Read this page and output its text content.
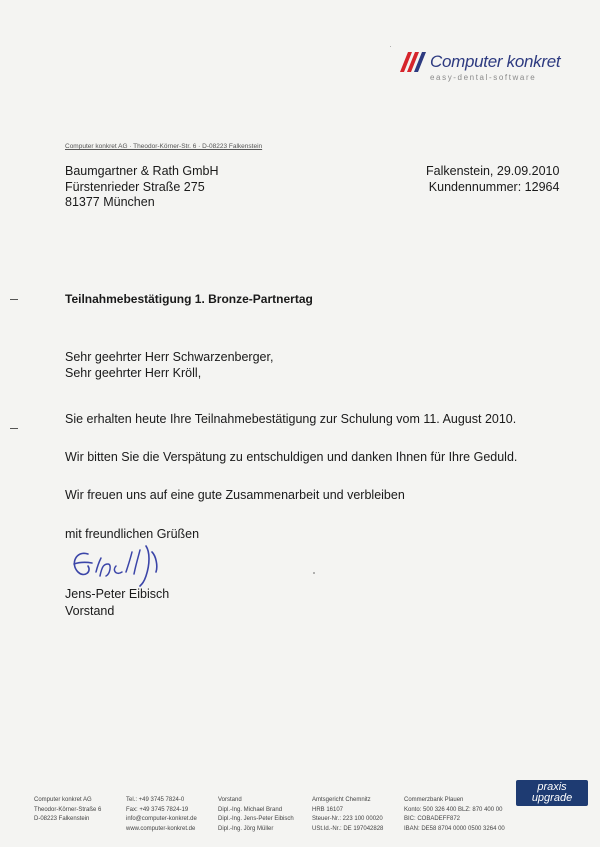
Computer konkret
easy-dental-software
Computer konkret AG · Theodor-Körner-Str. 6 · D-08223 Falkenstein
Baumgartner & Rath GmbH
Fürstenrieder Straße 275
81377 München
Falkenstein, 29.09.2010
Kundennummer: 12964
Teilnahmebestätigung 1. Bronze-Partnertag
Sehr geehrter Herr Schwarzenberger,
Sehr geehrter Herr Kröll,
Sie erhalten heute Ihre Teilnahmebestätigung zur Schulung vom 11. August 2010.
Wir bitten Sie die Verspätung zu entschuldigen und danken Ihnen für Ihre Geduld.
Wir freuen uns auf eine gute Zusammenarbeit und verbleiben
mit freundlichen Grüßen
Jens-Peter Eibisch
Vorstand
Computer konkret AG
Theodor-Körner-Straße 6
D-08223 Falkenstein
Tel.: +49 3745 7824-0
Fax: +49 3745 7824-19
info@computer-konkret.de
www.computer-konkret.de
Vorstand
Dipl.-Ing. Michael Brand
Dipl.-Ing. Jens-Peter Eibisch
Dipl.-Ing. Jörg Müller
Amtsgericht Chemnitz
HRB 16107
Steuer-Nr.: 223 100 00020
USt.Id.-Nr.: DE 197042828
Commerzbank Plauen
Konto: 500 326 400 BLZ: 870 400 00
BIC: COBADEFF872
IBAN: DE58 8704 0000 0500 3264 00
praxis
upgrade
